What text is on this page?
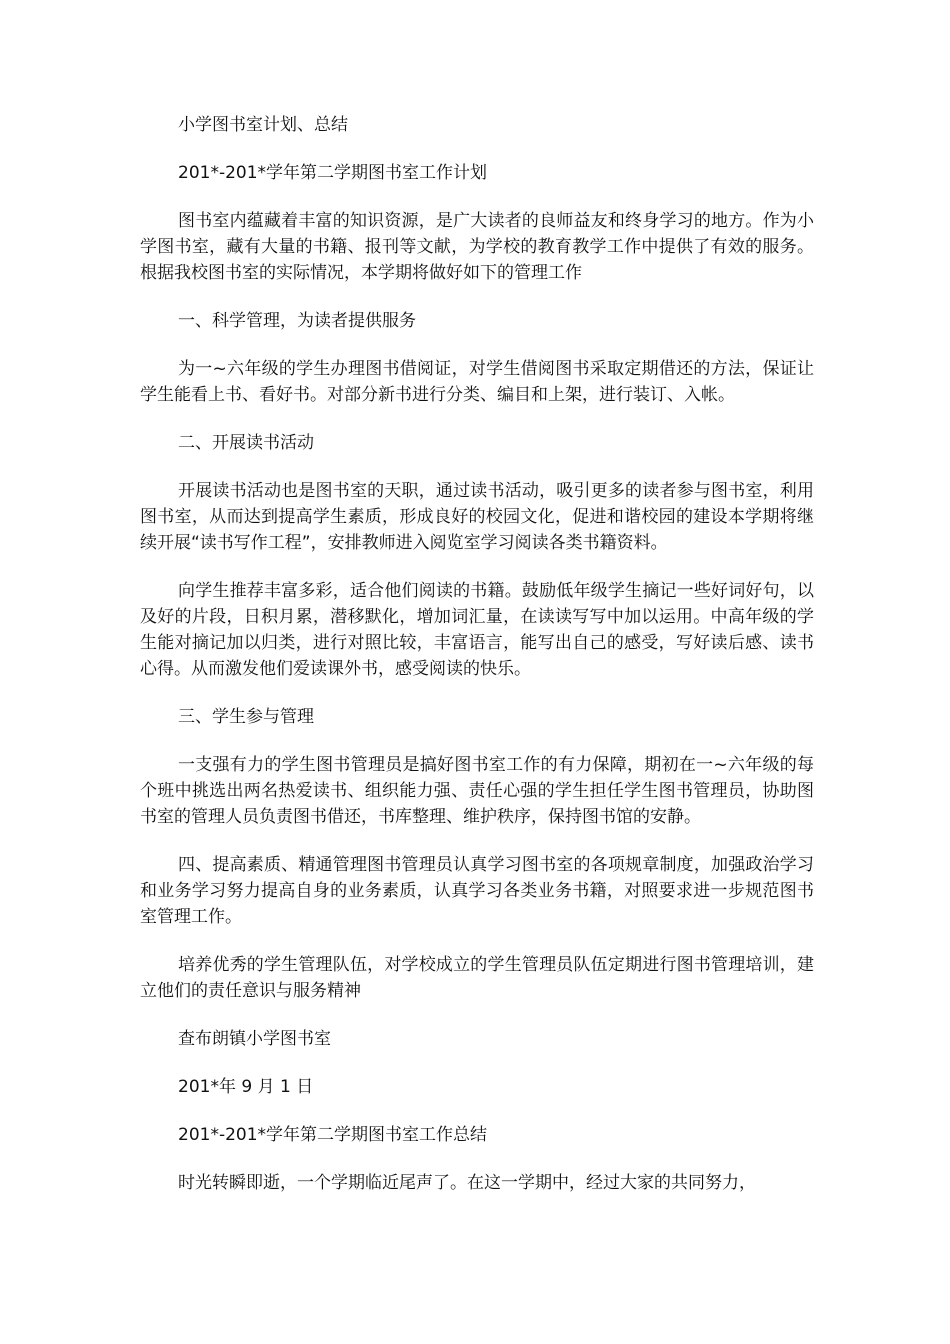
小学图书室计划、总结
201*-201*学年第二学期图书室工作计划

图书室内蕴藏着丰富的知识资源，是广大读者的良师益友和终身学习的地方。作为小学图书室，藏有大量的书籍、报刊等文献，为学校的教育教学工作中提供了有效的服务。根据我校图书室的实际情况，本学期将做好如下的管理工作

一、科学管理，为读者提供服务

为一~六年级的学生办理图书借阅证，对学生借阅图书采取定期借还的方法，保证让学生能看上书、看好书。对部分新书进行分类、编目和上架，进行装订、入帐。

二、开展读书活动

开展读书活动也是图书室的天职，通过读书活动，吸引更多的读者参与图书室，利用图书室，从而达到提高学生素质，形成良好的校园文化，促进和谐校园的建设本学期将继续开展“读书写作工程”，安排教师进入阅览室学习阅读各类书籍资料。

向学生推荐丰富多彩，适合他们阅读的书籍。鼓励低年级学生摘记一些好词好句，以及好的片段，日积月累，潜移默化，增加词汇量，在读读写写中加以运用。中高年级的学生能对摘记加以归类，进行对照比较，丰富语言，能写出自己的感受，写好读后感、读书心得。从而激发他们爱读课外书，感受阅读的快乐。

三、学生参与管理

一支强有力的学生图书管理员是搞好图书室工作的有力保障，期初在一~六年级的每个班中挑选出两名热爱读书、组织能力强、责任心强的学生担任学生图书管理员，协助图书室的管理人员负责图书借还，书库整理、维护秩序，保持图书馆的安静。

四、提高素质、精通管理图书管理员认真学习图书室的各项规章制度，加强政治学习和业务学习努力提高自身的业务素质，认真学习各类业务书籍，对照要求进一步规范图书室管理工作。

培养优秀的学生管理队伍，对学校成立的学生管理员队伍定期进行图书管理培训，建立他们的责任意识与服务精神

查布朗镇小学图书室
201*年 9 月 1 日
201*-201*学年第二学期图书室工作总结
时光转瞬即逝，一个学期临近尾声了。在这一学期中，经过大家的共同努力，
